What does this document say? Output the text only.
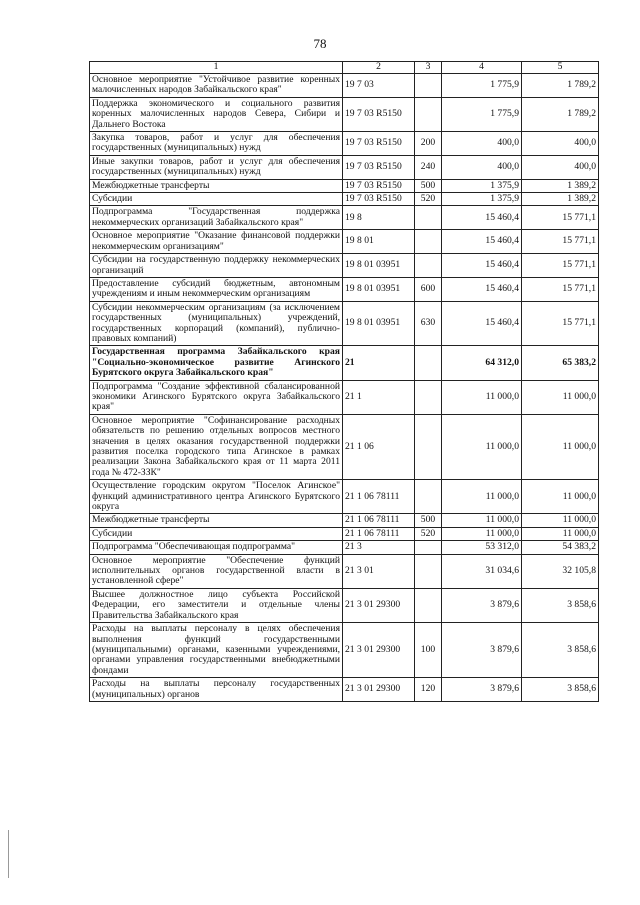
78
1	2	3	4	5
Основное мероприятие "Устойчивое развитие коренных малочисленных народов Забайкальского края"	19 7 03		1 775,9	1 789,2
Поддержка экономического и социального развития коренных малочисленных народов Севера, Сибири и Дальнего Востока	19 7 03 R5150		1 775,9	1 789,2
Закупка товаров, работ и услуг для обеспечения государственных (муниципальных) нужд	19 7 03 R5150	200	400,0	400,0
Иные закупки товаров, работ и услуг для обеспечения государственных (муниципальных) нужд	19 7 03 R5150	240	400,0	400,0
Межбюджетные трансферты	19 7 03 R5150	500	1 375,9	1 389,2
Субсидии	19 7 03 R5150	520	1 375,9	1 389,2
Подпрограмма "Государственная поддержка некоммерческих организаций Забайкальского края"	19 8		15 460,4	15 771,1
Основное мероприятие "Оказание финансовой поддержки некоммерческим организациям"	19 8 01		15 460,4	15 771,1
Субсидии на государственную поддержку некоммерческих организаций	19 8 01 03951		15 460,4	15 771,1
Предоставление субсидий бюджетным, автономным учреждениям и иным некоммерческим организациям	19 8 01 03951	600	15 460,4	15 771,1
Субсидии некоммерческим организациям (за исключением государственных (муниципальных) учреждений, государственных корпораций (компаний), публично-правовых компаний)	19 8 01 03951	630	15 460,4	15 771,1
Государственная программа Забайкальского края "Социально-экономическое развитие Агинского Бурятского округа Забайкальского края"	21		64 312,0	65 383,2
Подпрограмма "Создание эффективной сбалансированной экономики Агинского Бурятского округа Забайкальского края"	21 1		11 000,0	11 000,0
Основное мероприятие "Софинансирование расходных обязательств по решению отдельных вопросов местного значения в целях оказания государственной поддержки развития поселка городского типа Агинское в рамках реализации Закона Забайкальского края от 11 марта 2011 года № 472-ЗЗК"	21 1 06		11 000,0	11 000,0
Осуществление городским округом "Поселок Агинское" функций административного центра Агинского Бурятского округа	21 1 06 78111		11 000,0	11 000,0
Межбюджетные трансферты	21 1 06 78111	500	11 000,0	11 000,0
Субсидии	21 1 06 78111	520	11 000,0	11 000,0
Подпрограмма "Обеспечивающая подпрограмма"	21 3		53 312,0	54 383,2
Основное мероприятие "Обеспечение функций исполнительных органов государственной власти в установленной сфере"	21 3 01		31 034,6	32 105,8
Высшее должностное лицо субъекта Российской Федерации, его заместители и отдельные члены Правительства Забайкальского края	21 3 01 29300		3 879,6	3 858,6
Расходы на выплаты персоналу в целях обеспечения выполнения функций государственными (муниципальными) органами, казенными учреждениями, органами управления государственными внебюджетными фондами	21 3 01 29300	100	3 879,6	3 858,6
Расходы на выплаты персоналу государственных (муниципальных) органов	21 3 01 29300	120	3 879,6	3 858,6
